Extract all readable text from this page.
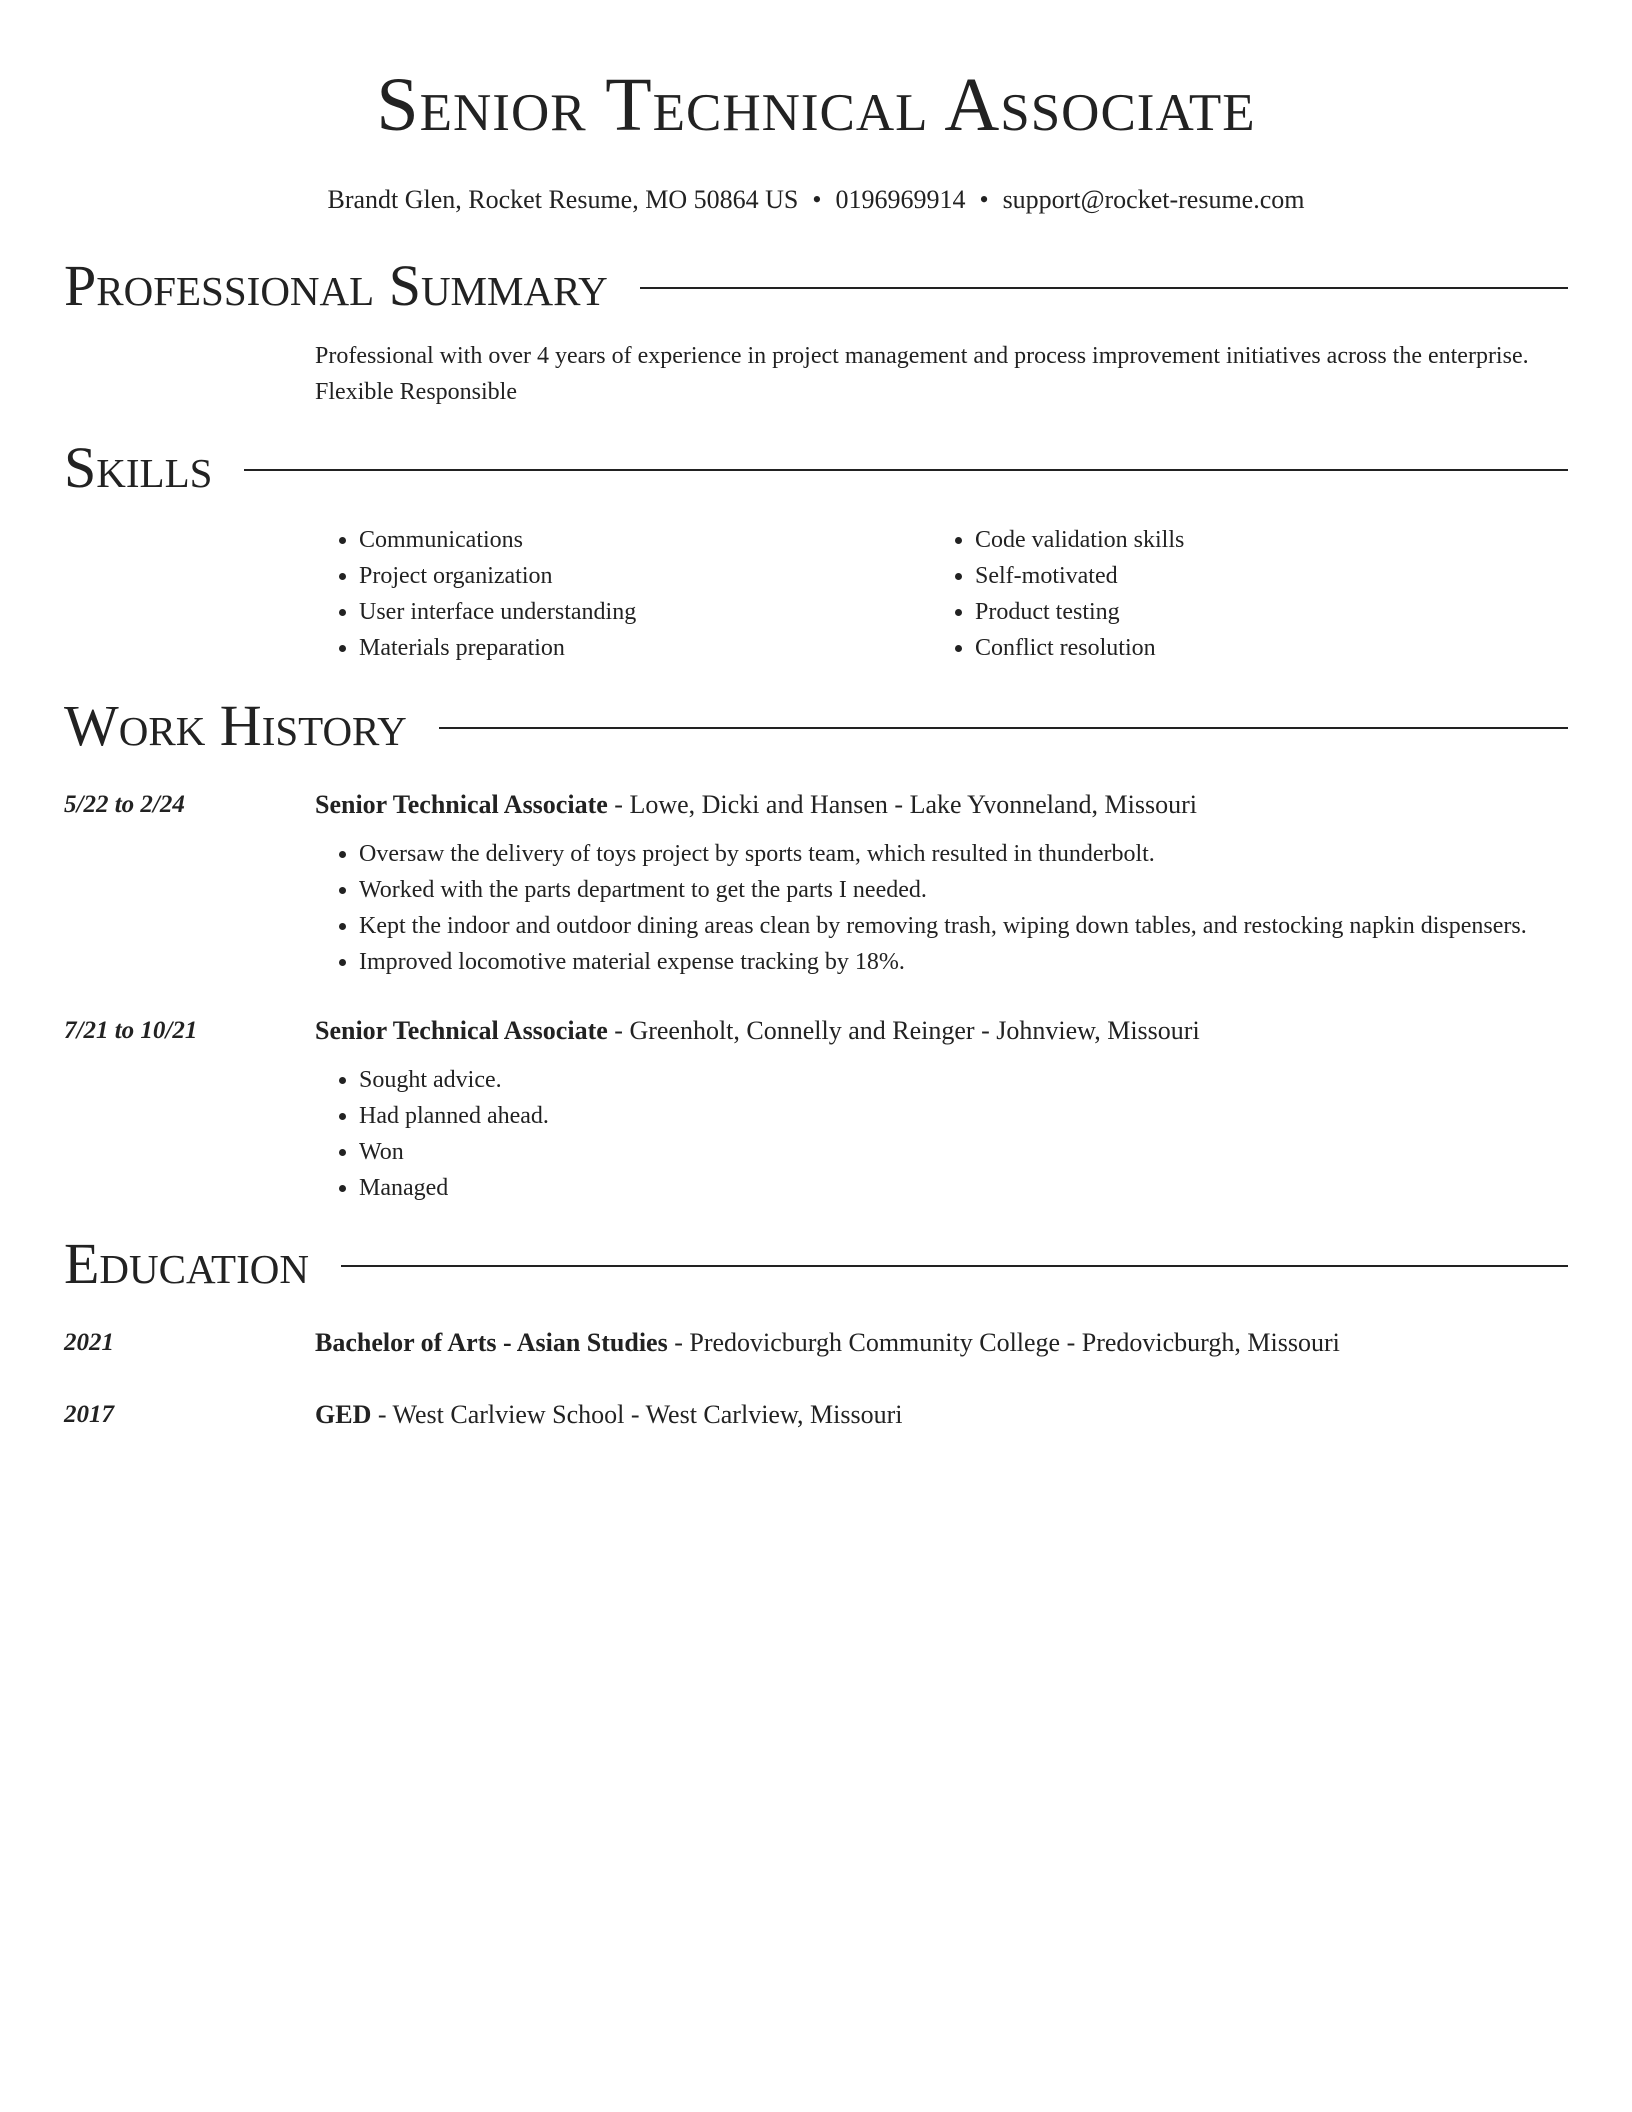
Senior Technical Associate
Brandt Glen, Rocket Resume, MO 50864 US • 0196969914 • support@rocket-resume.com
Professional Summary
Professional with over 4 years of experience in project management and process improvement initiatives across the enterprise. Flexible Responsible
Skills
• Communications
• Project organization
• User interface understanding
• Materials preparation
• Code validation skills
• Self-motivated
• Product testing
• Conflict resolution
Work History
5/22 to 2/24	Senior Technical Associate - Lowe, Dicki and Hansen - Lake Yvonneland, Missouri
• Oversaw the delivery of toys project by sports team, which resulted in thunderbolt.
• Worked with the parts department to get the parts I needed.
• Kept the indoor and outdoor dining areas clean by removing trash, wiping down tables, and restocking napkin dispensers.
• Improved locomotive material expense tracking by 18%.
7/21 to 10/21	Senior Technical Associate - Greenholt, Connelly and Reinger - Johnview, Missouri
• Sought advice.
• Had planned ahead.
• Won
• Managed
Education
2021	Bachelor of Arts - Asian Studies - Predovicburgh Community College - Predovicburgh, Missouri
2017	GED - West Carlview School - West Carlview, Missouri
